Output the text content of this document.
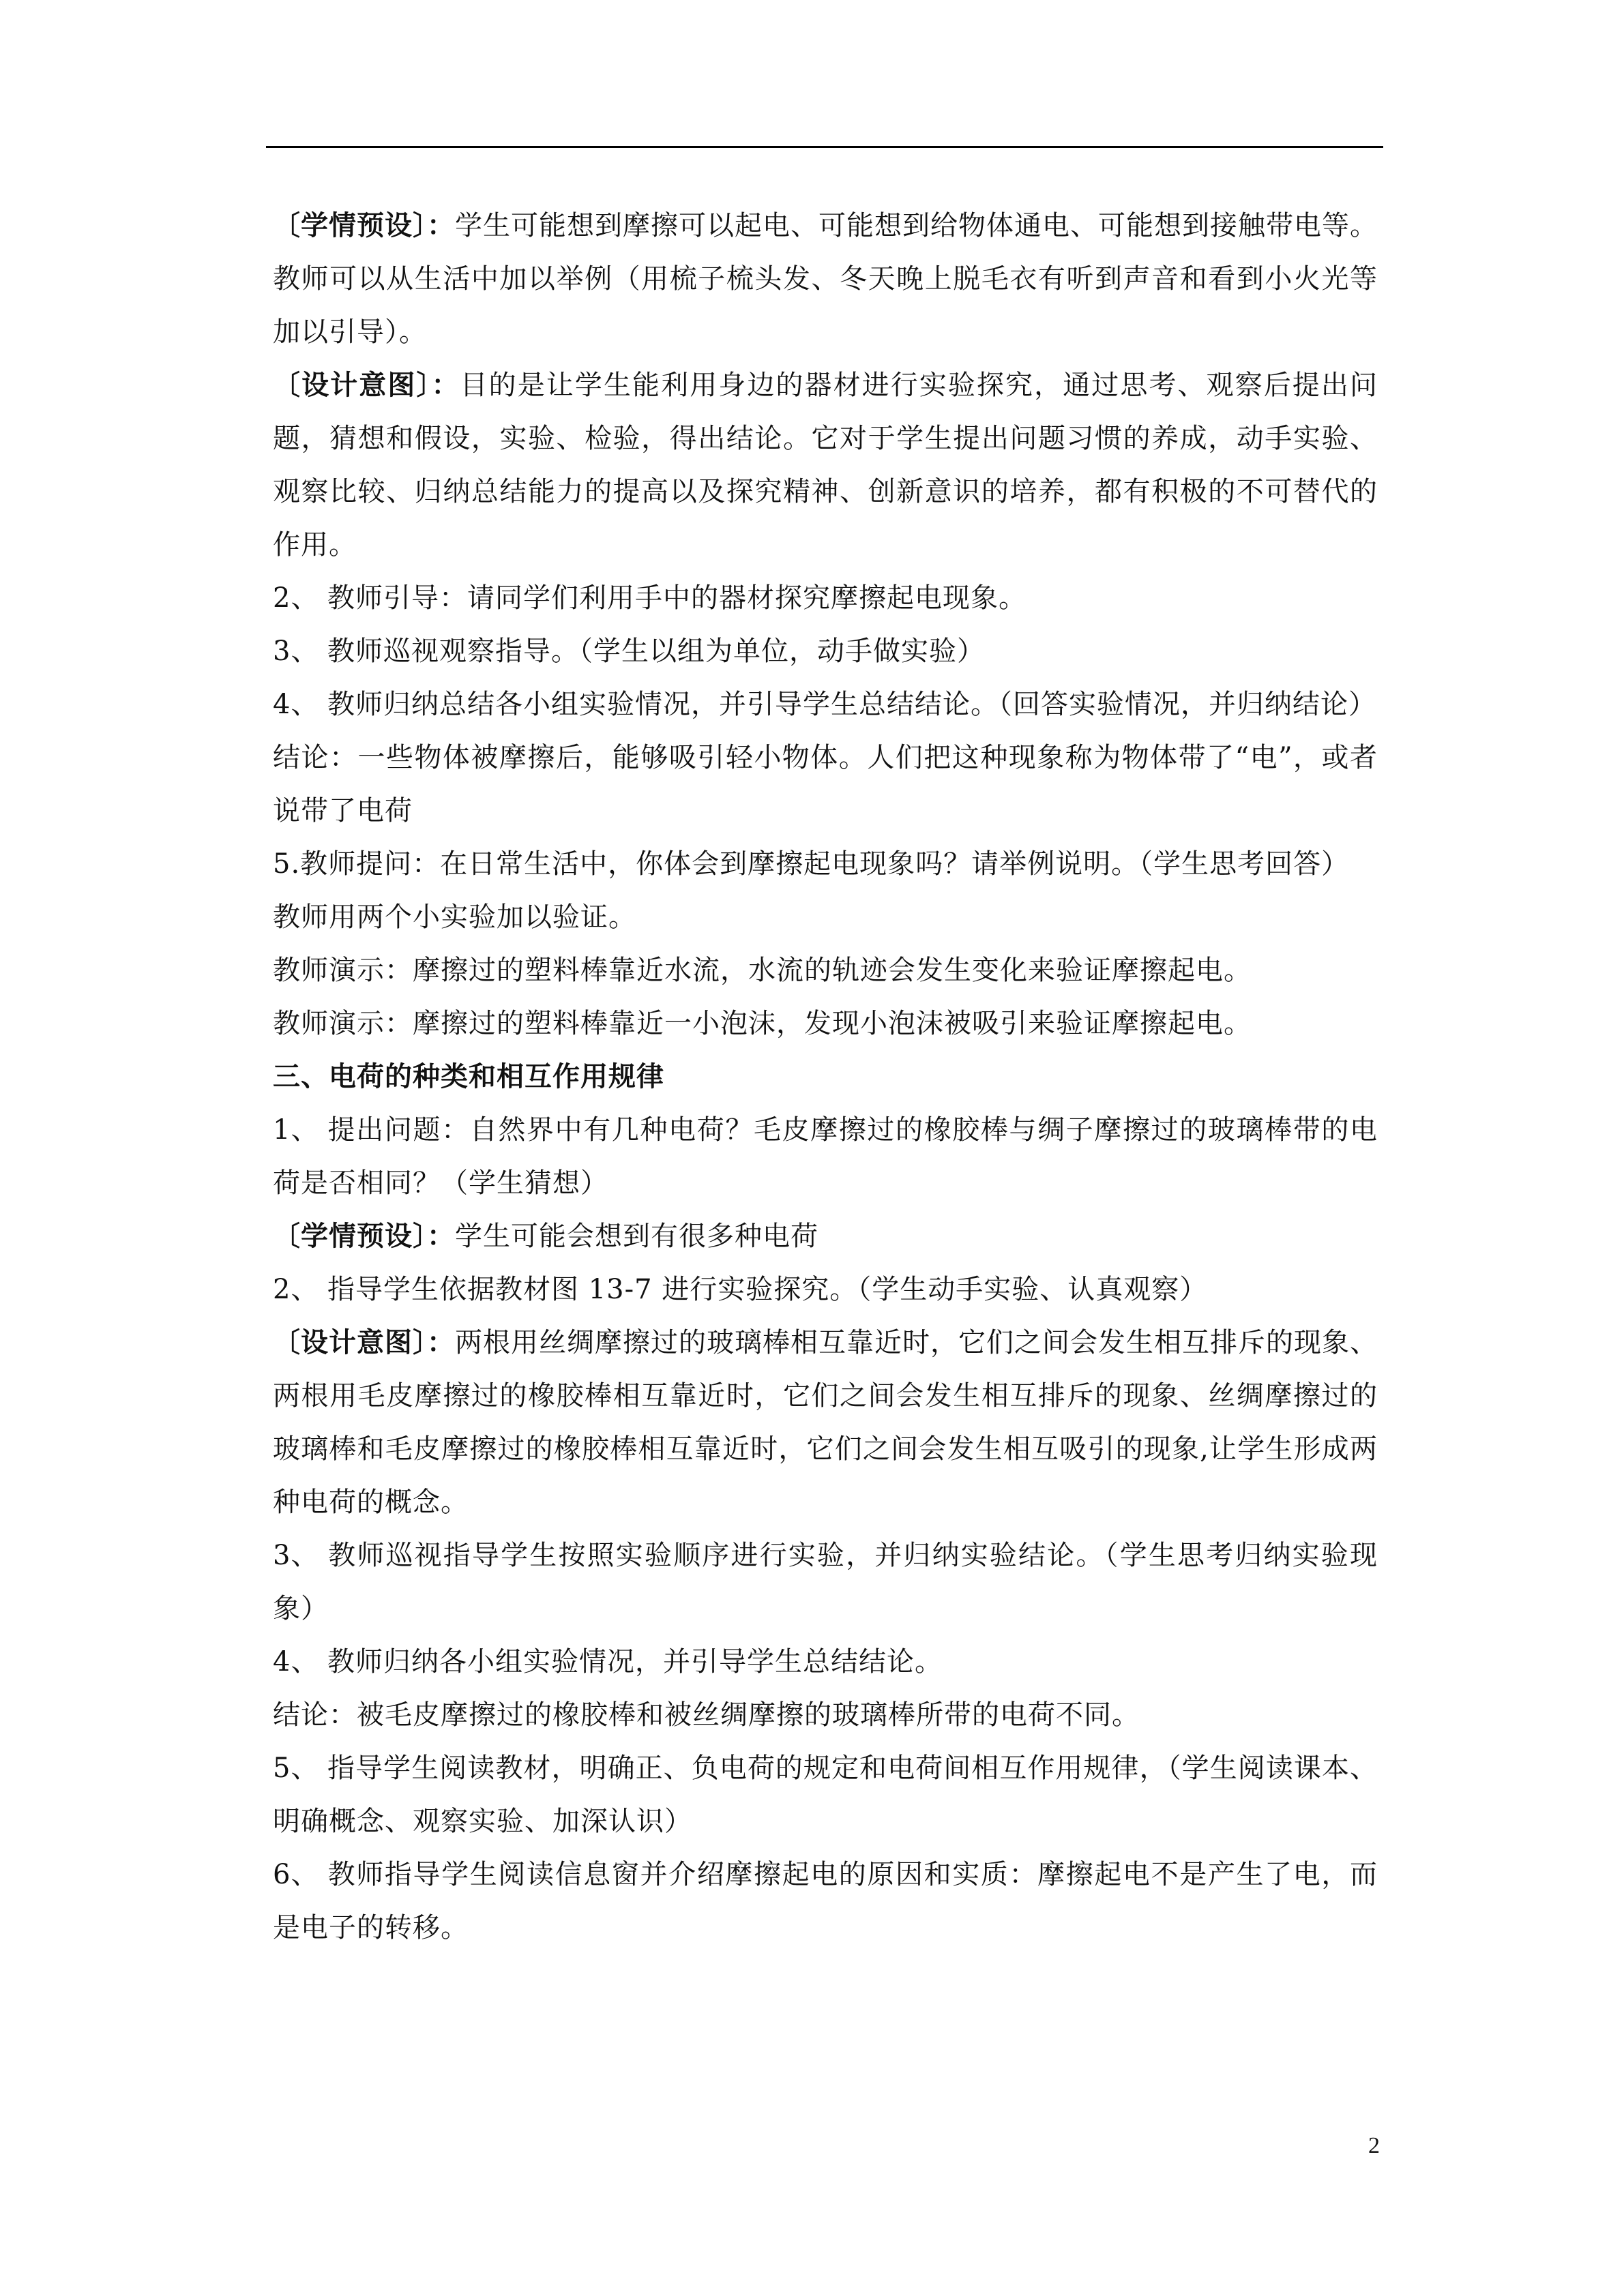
〔学情预设〕：学生可能想到摩擦可以起电、可能想到给物体通电、可能想到接触带电等。教师可以从生活中加以举例（用梳子梳头发、冬天晚上脱毛衣有听到声音和看到小火光等加以引导）。

〔设计意图〕：目的是让学生能利用身边的器材进行实验探究，通过思考、观察后提出问题，猜想和假设，实验、检验，得出结论。它对于学生提出问题习惯的养成，动手实验、观察比较、归纳总结能力的提高以及探究精神、创新意识的培养，都有积极的不可替代的作用。

2、 教师引导：请同学们利用手中的器材探究摩擦起电现象。

3、 教师巡视观察指导。（学生以组为单位，动手做实验）

4、 教师归纳总结各小组实验情况，并引导学生总结结论。（回答实验情况，并归纳结论）

结论：一些物体被摩擦后，能够吸引轻小物体。人们把这种现象称为物体带了“电”，或者说带了电荷

5.教师提问：在日常生活中，你体会到摩擦起电现象吗？请举例说明。（学生思考回答）

教师用两个小实验加以验证。

教师演示：摩擦过的塑料棒靠近水流，水流的轨迹会发生变化来验证摩擦起电。

教师演示：摩擦过的塑料棒靠近一小泡沫，发现小泡沫被吸引来验证摩擦起电。

三、电荷的种类和相互作用规律

1、 提出问题：自然界中有几种电荷？毛皮摩擦过的橡胶棒与绸子摩擦过的玻璃棒带的电荷是否相同？（学生猜想）

〔学情预设〕：学生可能会想到有很多种电荷

2、 指导学生依据教材图 13-7 进行实验探究。（学生动手实验、认真观察）

〔设计意图〕：两根用丝绸摩擦过的玻璃棒相互靠近时，它们之间会发生相互排斥的现象、两根用毛皮摩擦过的橡胶棒相互靠近时，它们之间会发生相互排斥的现象、丝绸摩擦过的玻璃棒和毛皮摩擦过的橡胶棒相互靠近时，它们之间会发生相互吸引的现象,让学生形成两种电荷的概念。

3、 教师巡视指导学生按照实验顺序进行实验，并归纳实验结论。（学生思考归纳实验现象）

4、 教师归纳各小组实验情况，并引导学生总结结论。

结论：被毛皮摩擦过的橡胶棒和被丝绸摩擦的玻璃棒所带的电荷不同。

5、 指导学生阅读教材，明确正、负电荷的规定和电荷间相互作用规律，（学生阅读课本、明确概念、观察实验、加深认识）

6、 教师指导学生阅读信息窗并介绍摩擦起电的原因和实质：摩擦起电不是产生了电，而是电子的转移。

2
